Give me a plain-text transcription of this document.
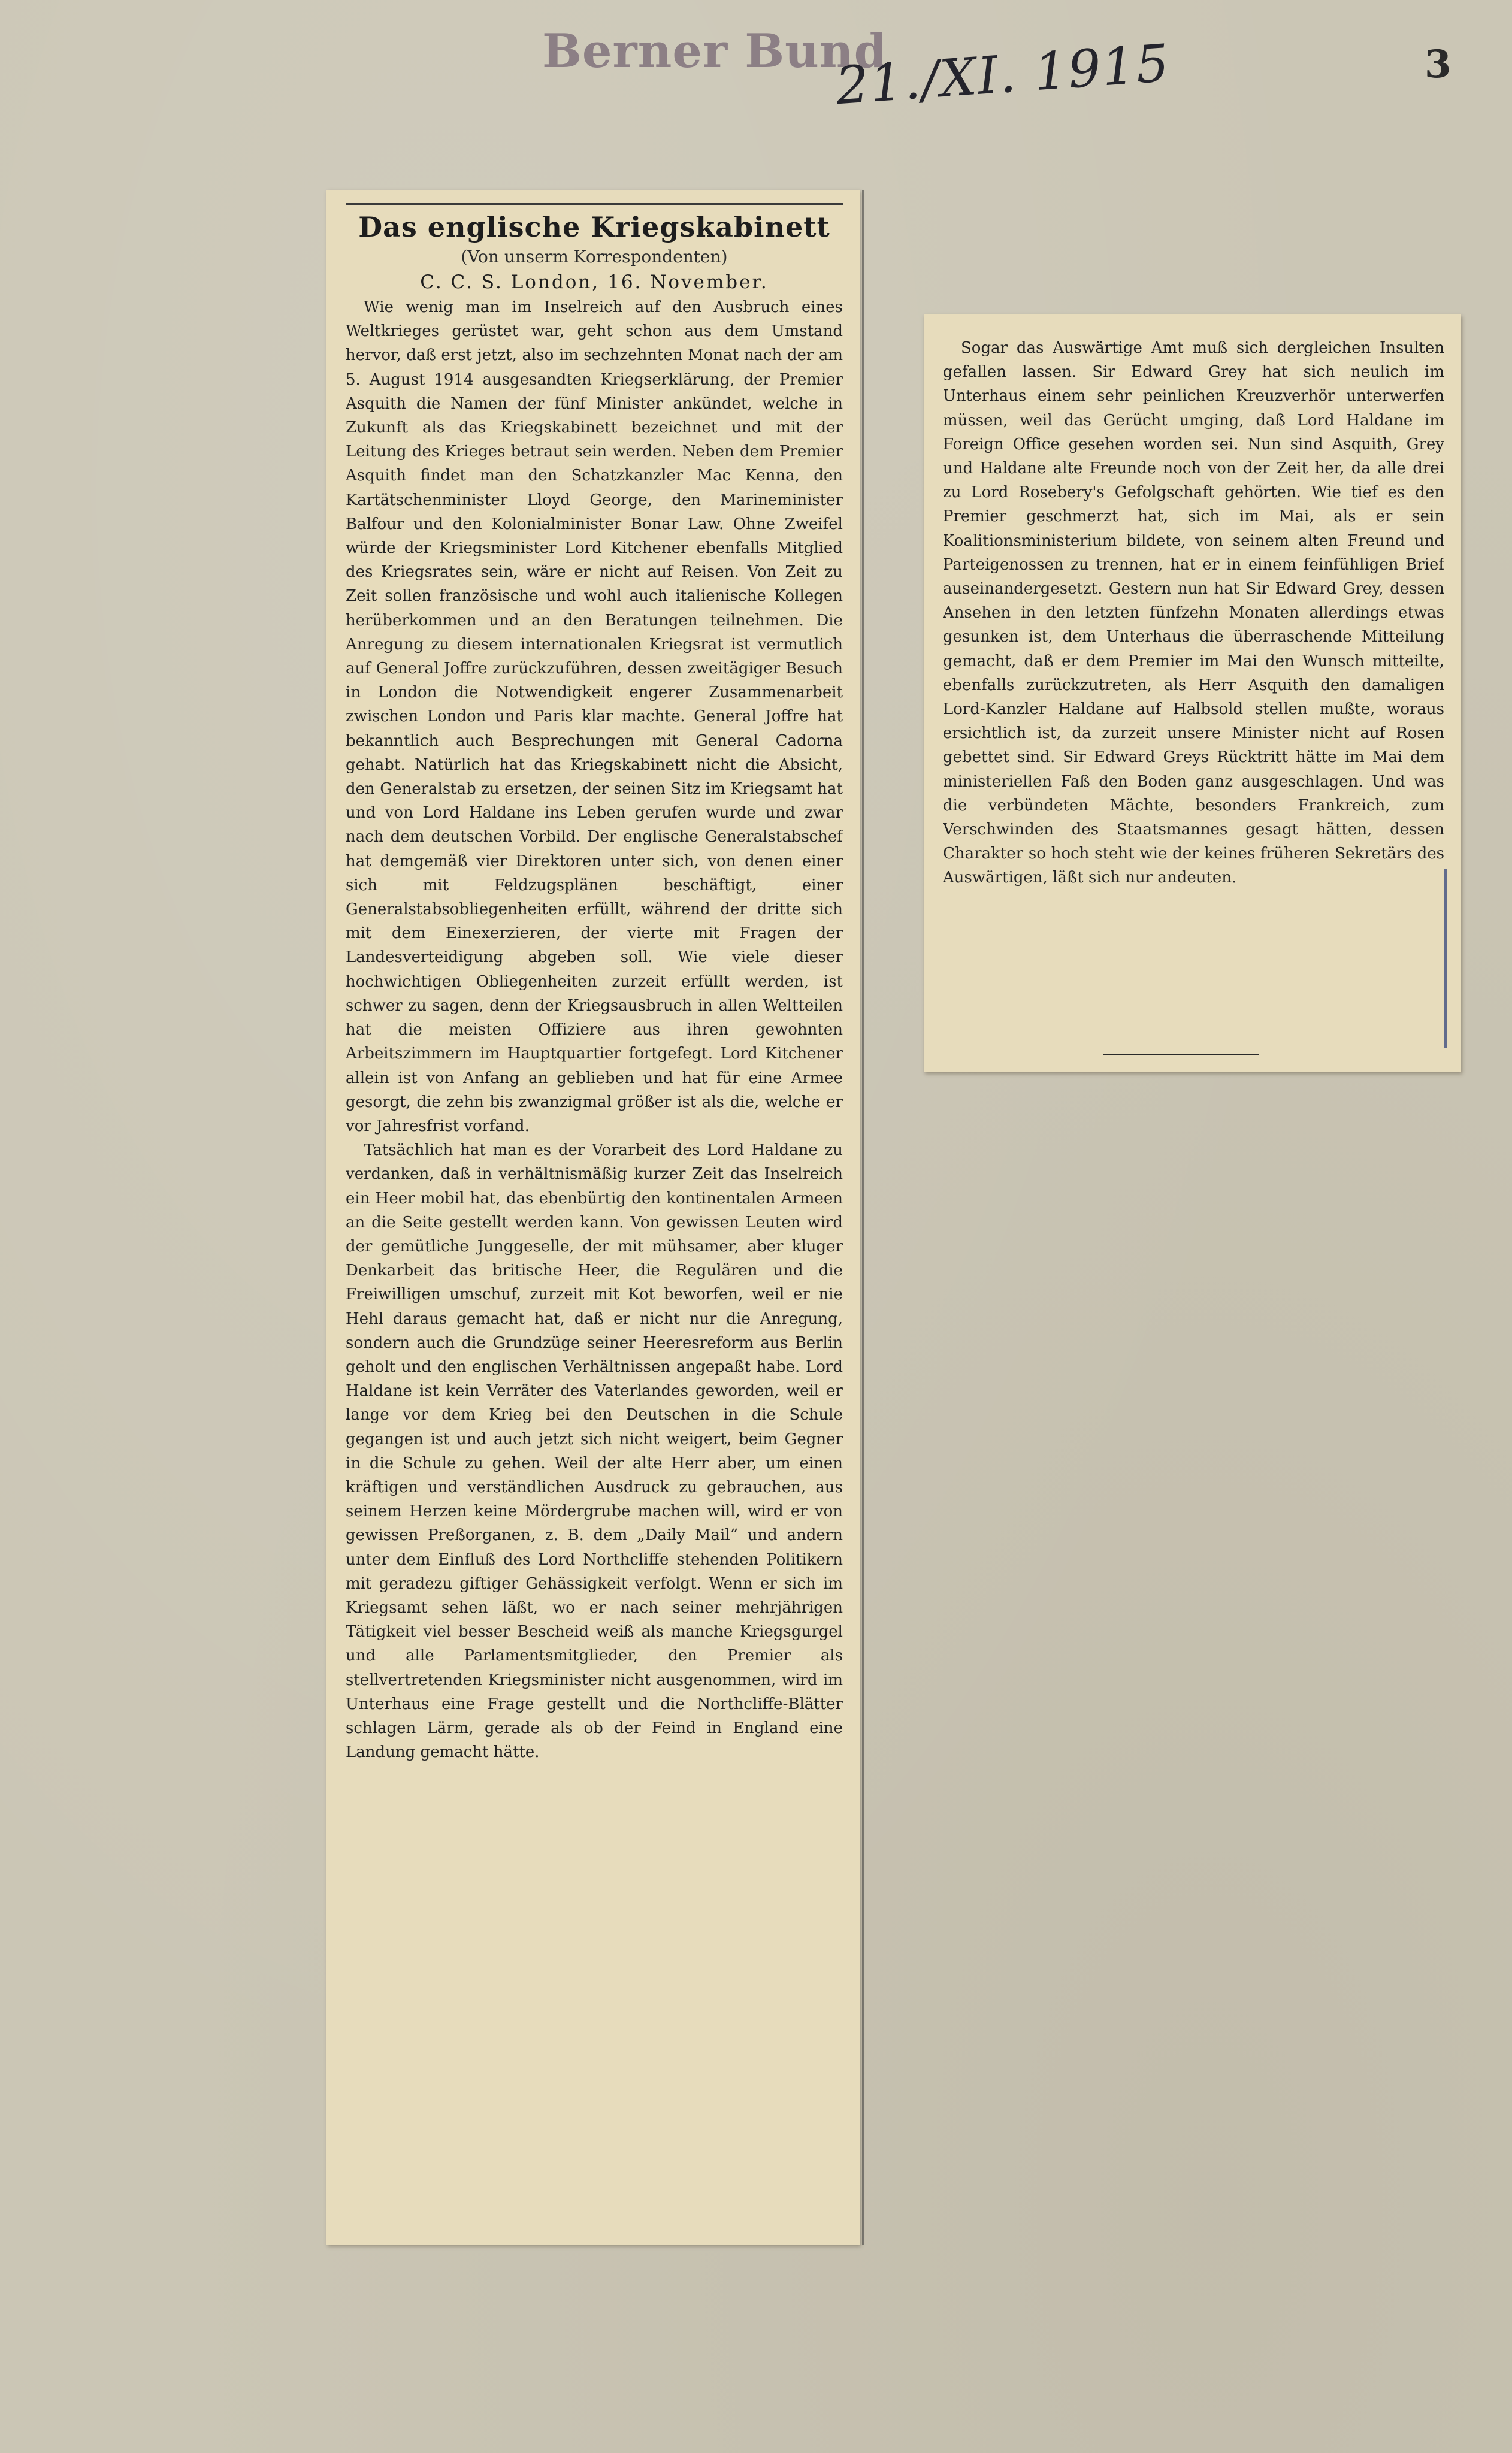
Berner Bund
21./XI. 1915	3

Das englische Kriegskabinett

(Von unserm Korrespondenten)

C. C. S. London, 16. November.

Wie wenig man im Inselreich auf den Ausbruch eines Weltkrieges gerüstet war, geht schon aus dem Umstand hervor, daß erst jetzt, also im sechzehnten Monat nach der am 5. August 1914 ausgesandten Kriegserklärung, der Premier Asquith die Namen der fünf Minister ankündet, welche in Zukunft als das Kriegskabinett bezeichnet und mit der Leitung des Krieges betraut sein werden. Neben dem Premier Asquith findet man den Schatzkanzler Mac Kenna, den Kartätschenminister Lloyd George, den Marineminister Balfour und den Kolonialminister Bonar Law. Ohne Zweifel würde der Kriegsminister Lord Kitchener ebenfalls Mitglied des Kriegsrates sein, wäre er nicht auf Reisen. Von Zeit zu Zeit sollen französische und wohl auch italienische Kollegen herüberkommen und an den Beratungen teilnehmen. Die Anregung zu diesem internationalen Kriegsrat ist vermutlich auf General Joffre zurückzuführen, dessen zweitägiger Besuch in London die Notwendigkeit engerer Zusammenarbeit zwischen London und Paris klar machte. General Joffre hat bekanntlich auch Besprechungen mit General Cadorna gehabt. Natürlich hat das Kriegskabinett nicht die Absicht, den Generalstab zu ersetzen, der seinen Sitz im Kriegsamt hat und von Lord Haldane ins Leben gerufen wurde und zwar nach dem deutschen Vorbild. Der englische Generalstabschef hat demgemäß vier Direktoren unter sich, von denen einer sich mit Feldzugsplänen beschäftigt, einer Generalstabsobliegenheiten erfüllt, während der dritte sich mit dem Einexerzieren, der vierte mit Fragen der Landesverteidigung abgeben soll. Wie viele dieser hochwichtigen Obliegenheiten zurzeit erfüllt werden, ist schwer zu sagen, denn der Kriegsausbruch in allen Weltteilen hat die meisten Offiziere aus ihren gewohnten Arbeitszimmern im Hauptquartier fortgefegt. Lord Kitchener allein ist von Anfang an geblieben und hat für eine Armee gesorgt, die zehn bis zwanzigmal größer ist als die, welche er vor Jahresfrist vorfand.

Tatsächlich hat man es der Vorarbeit des Lord Haldane zu verdanken, daß in verhältnismäßig kurzer Zeit das Inselreich ein Heer mobil hat, das ebenbürtig den kontinentalen Armeen an die Seite gestellt werden kann. Von gewissen Leuten wird der gemütliche Junggeselle, der mit mühsamer, aber kluger Denkarbeit das britische Heer, die Regulären und die Freiwilligen umschuf, zurzeit mit Kot beworfen, weil er nie Hehl daraus gemacht hat, daß er nicht nur die Anregung, sondern auch die Grundzüge seiner Heeresreform aus Berlin geholt und den englischen Verhältnissen angepaßt habe. Lord Haldane ist kein Verräter des Vaterlandes geworden, weil er lange vor dem Krieg bei den Deutschen in die Schule gegangen ist und auch jetzt sich nicht weigert, beim Gegner in die Schule zu gehen. Weil der alte Herr aber, um einen kräftigen und verständlichen Ausdruck zu gebrauchen, aus seinem Herzen keine Mördergrube machen will, wird er von gewissen Preßorganen, z. B. dem „Daily Mail“ und andern unter dem Einfluß des Lord Northcliffe stehenden Politikern mit geradezu giftiger Gehässigkeit verfolgt. Wenn er sich im Kriegsamt sehen läßt, wo er nach seiner mehrjährigen Tätigkeit viel besser Bescheid weiß als manche Kriegsgurgel und alle Parlamentsmitglieder, den Premier als stellvertretenden Kriegsminister nicht ausgenommen, wird im Unterhaus eine Frage gestellt und die Northcliffe-Blätter schlagen Lärm, gerade als ob der Feind in England eine Landung gemacht hätte.

Sogar das Auswärtige Amt muß sich dergleichen Insulten gefallen lassen. Sir Edward Grey hat sich neulich im Unterhaus einem sehr peinlichen Kreuzverhör unterwerfen müssen, weil das Gerücht umging, daß Lord Haldane im Foreign Office gesehen worden sei. Nun sind Asquith, Grey und Haldane alte Freunde noch von der Zeit her, da alle drei zu Lord Rosebery's Gefolgschaft gehörten. Wie tief es den Premier geschmerzt hat, sich im Mai, als er sein Koalitionsministerium bildete, von seinem alten Freund und Parteigenossen zu trennen, hat er in einem feinfühligen Brief auseinandergesetzt. Gestern nun hat Sir Edward Grey, dessen Ansehen in den letzten fünfzehn Monaten allerdings etwas gesunken ist, dem Unterhaus die überraschende Mitteilung gemacht, daß er dem Premier im Mai den Wunsch mitteilte, ebenfalls zurückzutreten, als Herr Asquith den damaligen Lord-Kanzler Haldane auf Halbsold stellen mußte, woraus ersichtlich ist, da zurzeit unsere Minister nicht auf Rosen gebettet sind. Sir Edward Greys Rücktritt hätte im Mai dem ministeriellen Faß den Boden ganz ausgeschlagen. Und was die verbündeten Mächte, besonders Frankreich, zum Verschwinden des Staatsmannes gesagt hätten, dessen Charakter so hoch steht wie der keines früheren Sekretärs des Auswärtigen, läßt sich nur andeuten.
